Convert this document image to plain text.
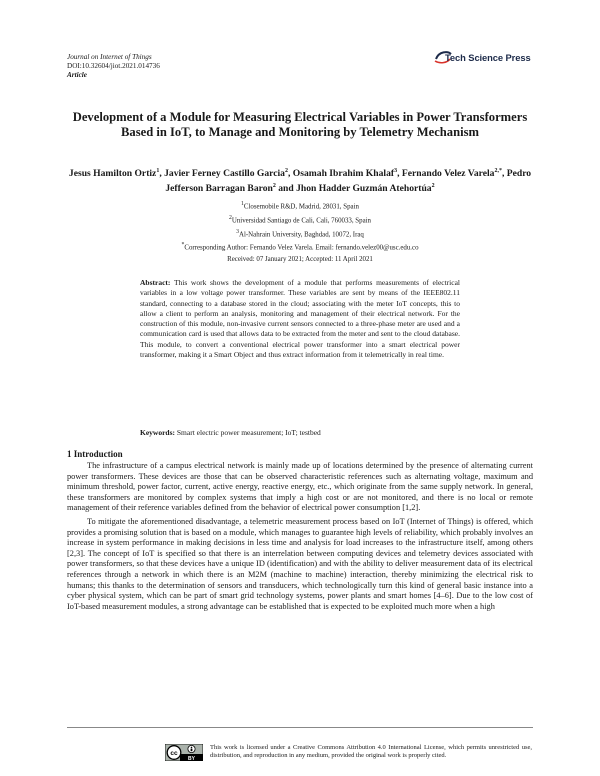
Journal on Internet of Things
DOI:10.32604/jiot.2021.014736
Article
Tech Science Press
Development of a Module for Measuring Electrical Variables in Power Transformers Based in IoT, to Manage and Monitoring by Telemetry Mechanism
Jesus Hamilton Ortiz$^1$, Javier Ferney Castillo Garcia$^2$, Osamah Ibrahim Khalaf$^3$, Fernando Velez Varela$^{2,*}$, Pedro Jefferson Barragan Baron$^2$ and Jhon Hadder Guzmán Atehortúa$^2$
$^1$Closemobile R&D, Madrid, 28031, Spain
$^2$Universidad Santiago de Cali, Cali, 760033, Spain
$^3$Al-Nahrain University, Baghdad, 10072, Iraq
*Corresponding Author: Fernando Velez Varela. Email: fernando.velez00@usc.edu.co
Received: 07 January 2021; Accepted: 11 April 2021
Abstract: This work shows the development of a module that performs measurements of electrical variables in a low voltage power transformer. These variables are sent by means of the IEEE802.11 standard, connecting to a database stored in the cloud; associating with the meter IoT concepts, this to allow a client to perform an analysis, monitoring and management of their electrical network. For the construction of this module, non-invasive current sensors connected to a three-phase meter are used and a communication card is used that allows data to be extracted from the meter and sent to the cloud database. This module, to convert a conventional electrical power transformer into a smart electrical power transformer, making it a Smart Object and thus extract information from it telemetrically in real time.
Keywords: Smart electric power measurement; IoT; testbed
1 Introduction

The infrastructure of a campus electrical network is mainly made up of locations determined by the presence of alternating current power transformers. These devices are those that can be observed characteristic references such as alternating voltage, maximum and minimum threshold, power factor, current, active energy, reactive energy, etc., which originate from the same supply network. In general, these transformers are monitored by complex systems that imply a high cost or are not monitored, and there is no local or remote management of their reference variables defined from the behavior of electrical power consumption [1,2].

To mitigate the aforementioned disadvantage, a telemetric measurement process based on IoT (Internet of Things) is offered, which provides a promising solution that is based on a module, which manages to guarantee high levels of reliability, which probably involves an increase in system performance in making decisions in less time and analysis for load increases to the infrastructure itself, among others [2,3]. The concept of IoT is specified so that there is an interrelation between computing devices and telemetry devices associated with power transformers, so that these devices have a unique ID (identification) and with the ability to deliver measurement data of its electrical references through a network in which there is an M2M (machine to machine) interaction, thereby minimizing the electrical risk to humans; this thanks to the determination of sensors and transducers, which technologically turn this kind of general basic instance into a cyber physical system, which can be part of smart grid technology systems, power plants and smart homes [4–6]. Due to the low cost of IoT-based measurement modules, a strong advantage can be established that is expected to be exploited much more when a high

cc
BY
This work is licensed under a Creative Commons Attribution 4.0 International License, which permits unrestricted use, distribution, and reproduction in any medium, provided the original work is properly cited.
